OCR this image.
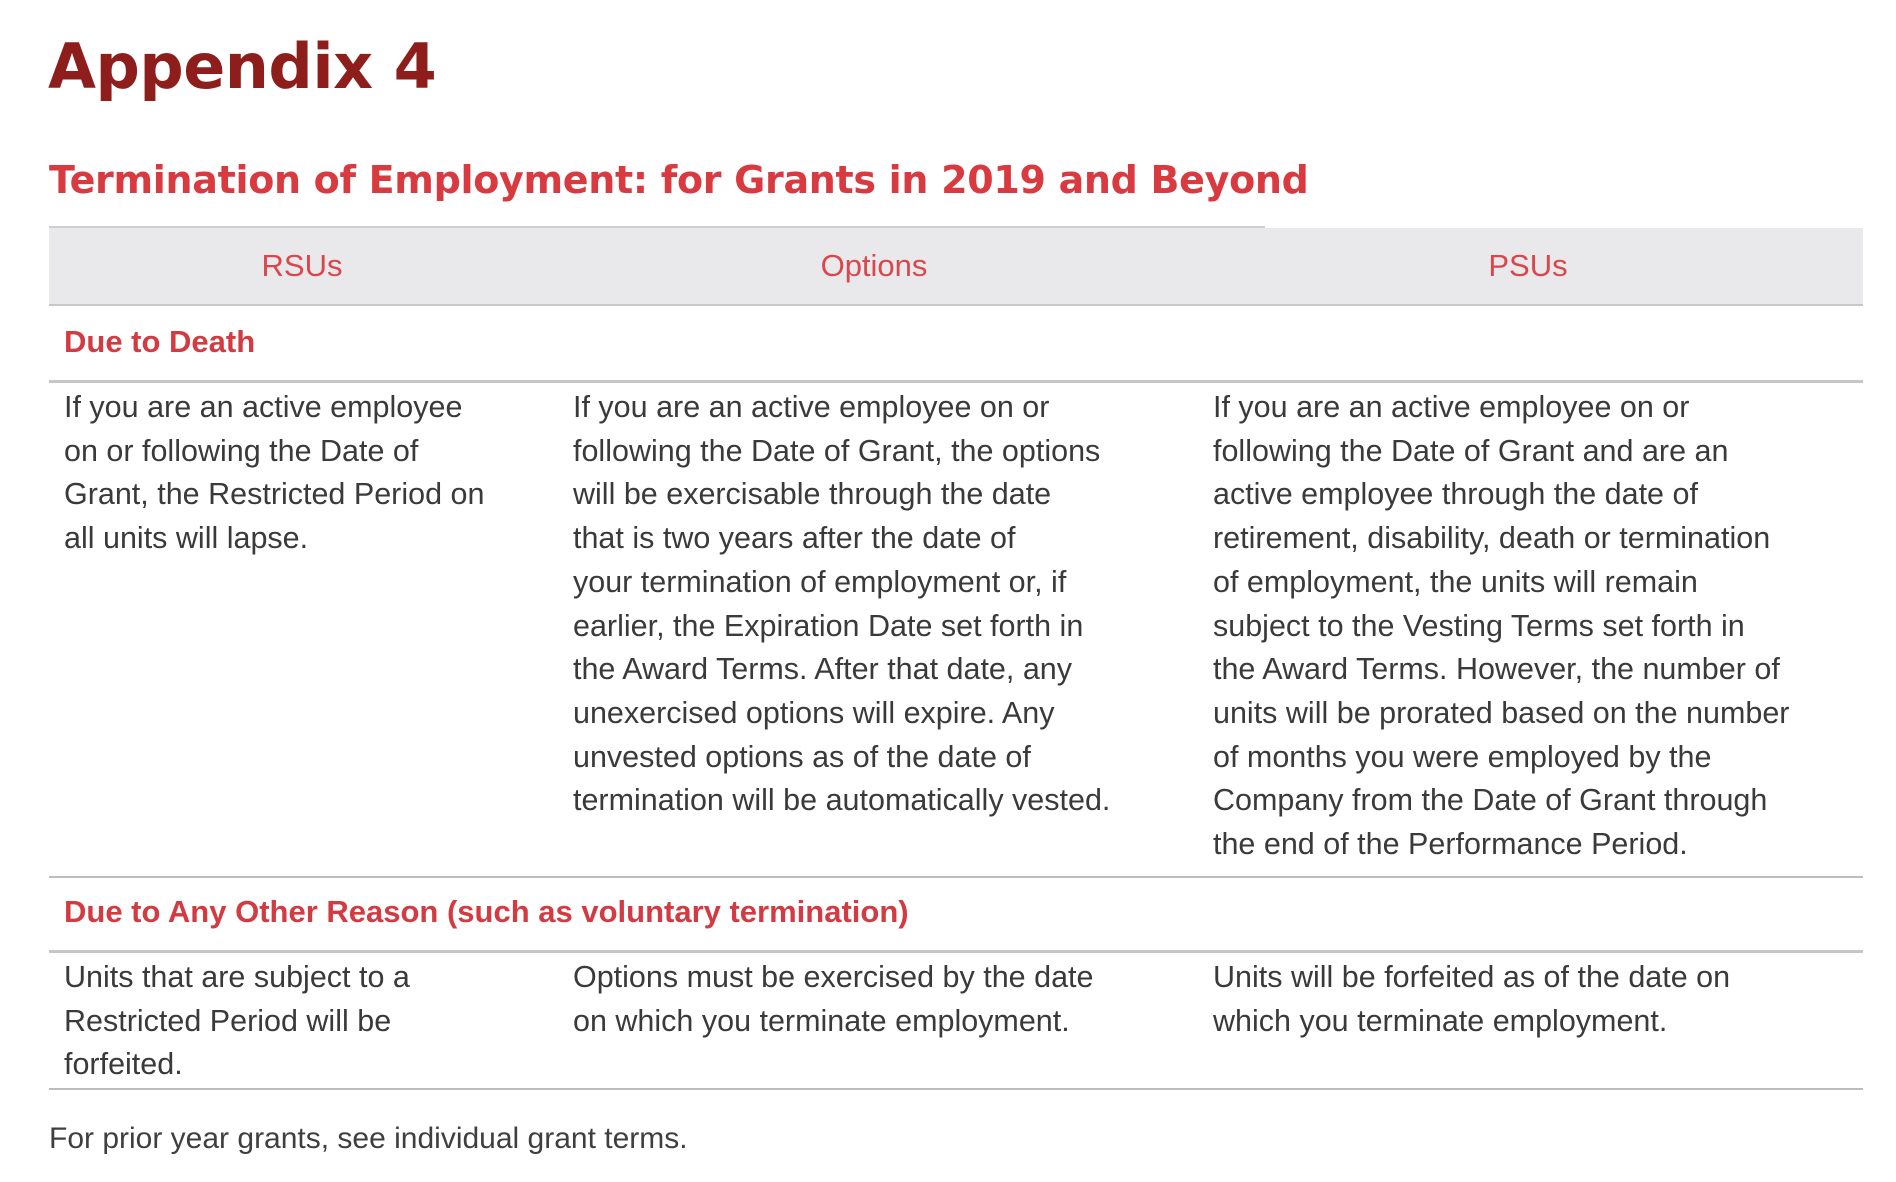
Appendix 4
Termination of Employment: for Grants in 2019 and Beyond
RSUs	Options	PSUs
Due to Death
If you are an active employee
on or following the Date of
Grant, the Restricted Period on
all units will lapse.
If you are an active employee on or
following the Date of Grant, the options
will be exercisable through the date
that is two years after the date of
your termination of employment or, if
earlier, the Expiration Date set forth in
the Award Terms. After that date, any
unexercised options will expire. Any
unvested options as of the date of
termination will be automatically vested.
If you are an active employee on or
following the Date of Grant and are an
active employee through the date of
retirement, disability, death or termination
of employment, the units will remain
subject to the Vesting Terms set forth in
the Award Terms. However, the number of
units will be prorated based on the number
of months you were employed by the
Company from the Date of Grant through
the end of the Performance Period.
Due to Any Other Reason (such as voluntary termination)
Units that are subject to a
Restricted Period will be
forfeited.
Options must be exercised by the date
on which you terminate employment.
Units will be forfeited as of the date on
which you terminate employment.
For prior year grants, see individual grant terms.
